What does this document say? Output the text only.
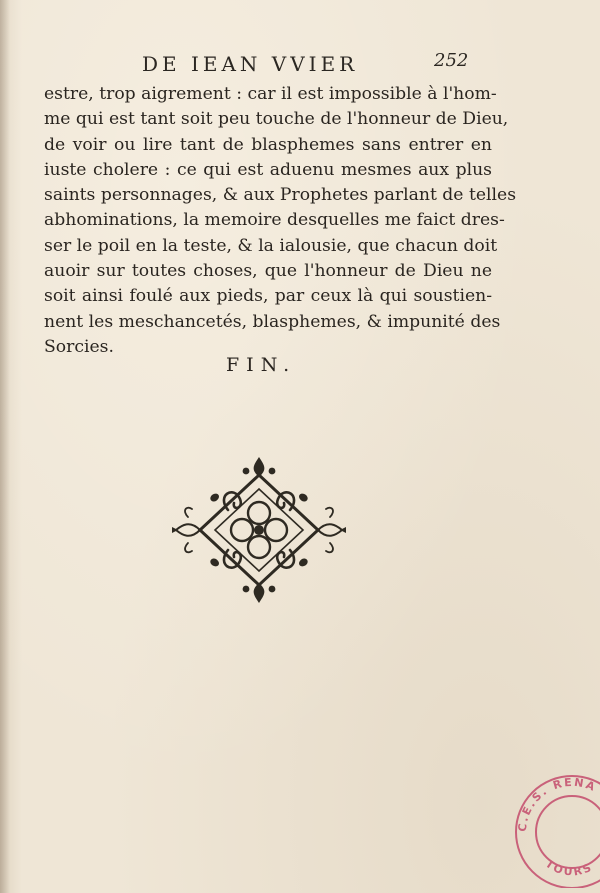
DE IEAN VVIER	252
estre, trop aigrement : car il est impossible à l'hom-
me qui est tant soit peu touche de l'honneur de Dieu,
de voir ou lire tant de blasphemes sans entrer en
iuste cholere : ce qui est aduenu mesmes aux plus
saints personnages, & aux Prophetes parlant de telles
abhominations, la memoire desquelles me faict dres-
ser le poil en la teste, & la ialousie, que chacun doit
auoir sur toutes choses, que l'honneur de Dieu ne
soit ainsi foulé aux pieds, par ceux là qui soustien-
nent les meschancetés, blasphemes, & impunité des
Sorcies.
FIN.
C.E.S. RENA
TOURS
